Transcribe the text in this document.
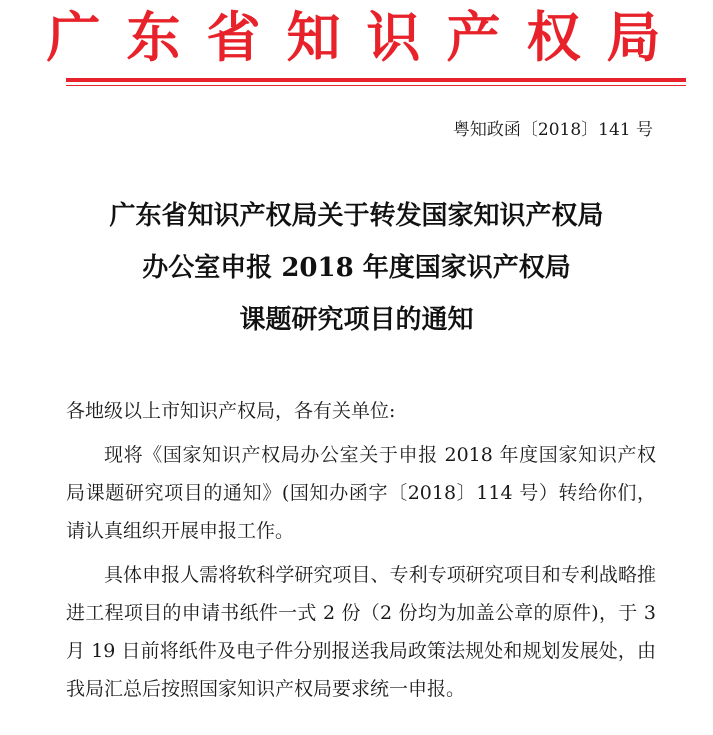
广东省知识产权局
粤知政函〔2018〕141 号
广东省知识产权局关于转发国家知识产权局
办公室申报 2018 年度国家识产权局
课题研究项目的通知

各地级以上市知识产权局，各有关单位:

现将《国家知识产权局办公室关于申报 2018 年度国家知识产权局课题研究项目的通知》(国知办函字〔2018〕114 号）转给你们，请认真组织开展申报工作。

具体申报人需将软科学研究项目、专利专项研究项目和专利战略推进工程项目的申请书纸件一式 2 份（2 份均为加盖公章的原件)，于 3 月 19 日前将纸件及电子件分别报送我局政策法规处和规划发展处，由我局汇总后按照国家知识产权局要求统一申报。
